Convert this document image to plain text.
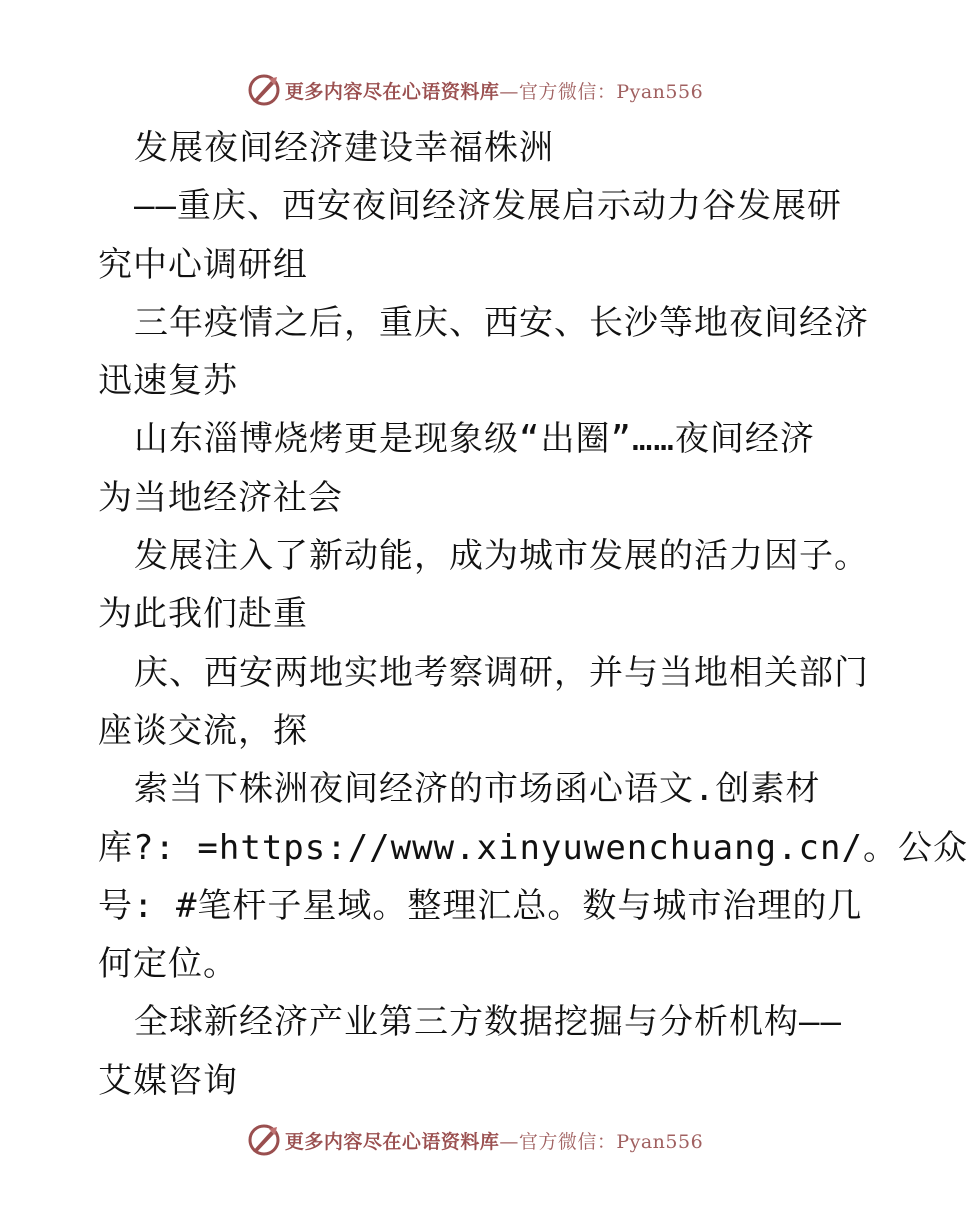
更多内容尽在心语资料库—官方微信：Pyan556

发展夜间经济建设幸福株洲

——重庆、西安夜间经济发展启示动力谷发展研

究中心调研组

三年疫情之后，重庆、西安、长沙等地夜间经济

迅速复苏

山东淄博烧烤更是现象级“出圈”……夜间经济

为当地经济社会

发展注入了新动能，成为城市发展的活力因子。

为此我们赴重

庆、西安两地实地考察调研，并与当地相关部门

座谈交流，探

索当下株洲夜间经济的市场函心语文.创素材

库?: =https://www.xinyuwenchuang.cn/。公众

号: #笔杆子星域。整理汇总。数与城市治理的几

何定位。

全球新经济产业第三方数据挖掘与分析机构——

艾媒咨询

更多内容尽在心语资料库—官方微信：Pyan556
